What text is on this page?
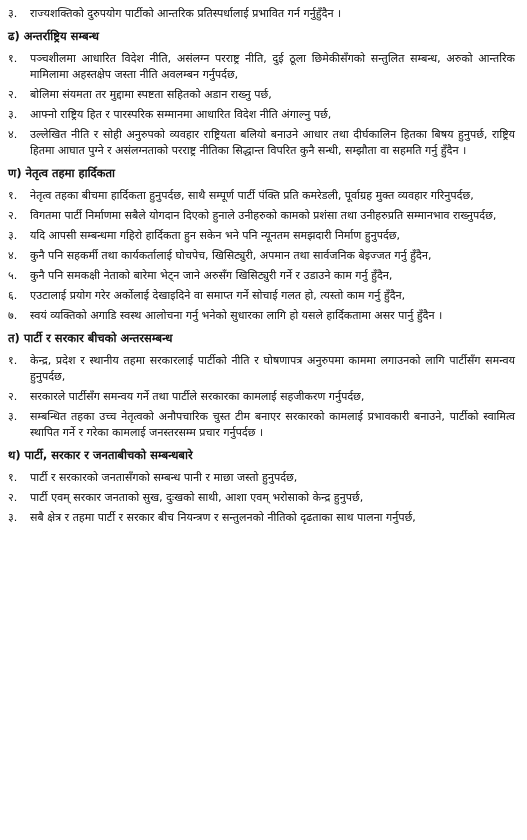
३.	राज्यशक्तिको दुरुपयोग पार्टीको आन्तरिक प्रतिस्पर्धालाई प्रभावित गर्न गर्नुहुँदैन ।
ढ) अन्तर्राष्ट्रिय सम्बन्ध
१.	पञ्चशीलमा आधारित विदेश नीति, असंलग्न परराष्ट्र नीति, दुई ठूला छिमेकीसँगको सन्तुलित सम्बन्ध, अरुको आन्तरिक मामिलामा अहस्तक्षेप जस्ता नीति अवलम्बन गर्नुपर्दछ,
२.	बोलिमा संयमता तर मुद्दामा स्पष्टता सहितको अडान राख्नु पर्छ,
३.	आफ्नो राष्ट्रिय हित र पारस्परिक सम्मानमा आधारित विदेश नीति अंगाल्नु पर्छ,
४.	उल्लेखित नीति र सोही अनुरुपको व्यवहार राष्ट्रियता बलियो बनाउने आधार तथा दीर्घकालिन हितका बिषय हुनुपर्छ, राष्ट्रिय हितमा आघात पुग्ने र असंलग्नताको परराष्ट्र नीतिका सिद्धान्त विपरित कुनै सन्धी, सम्झौता वा सहमति गर्नु हुँदैन ।
ण) नेतृत्व तहमा हार्दिकता
१.	नेतृत्व तहका बीचमा हार्दिकता हुनुपर्दछ, साथै सम्पूर्ण पार्टी पंक्ति प्रति कमरेडली, पूर्वाग्रह मुक्त व्यवहार गरिनुपर्दछ,
२.	विगतमा पार्टी निर्माणमा सबैले योगदान दिएको हुनाले उनीहरुको कामको प्रशंसा तथा उनीहरुप्रति सम्मानभाव राख्नुपर्दछ,
३.	यदि आपसी सम्बन्धमा गहिरो हार्दिकता हुन सकेन भने पनि न्यूनतम समझदारी निर्माण हुनुपर्दछ,
४.	कुनै पनि सहकर्मी तथा कार्यकर्तालाई घोचपेच, खिसिट्युरी, अपमान तथा सार्वजनिक बेइज्जत गर्नु हुँदैन,
५.	कुनै पनि समकक्षी नेताको बारेमा भेट्न जाने अरुसँग खिसिट्युरी गर्ने र उडाउने काम गर्नु हुँदैन,
६.	एउटालाई प्रयोग गरेर अर्कोलाई देखाइदिने वा समाप्त गर्ने सोचाई गलत हो, त्यस्तो काम गर्नु हुँदैन,
७.	स्वयं व्यक्तिको अगाडि स्वस्थ आलोचना गर्नु भनेको सुधारका लागि हो यसले हार्दिकतामा असर पार्नु हुँदैन ।
त) पार्टी र सरकार बीचको अन्तरसम्बन्ध
१.	केन्द्र, प्रदेश र स्थानीय तहमा सरकारलाई पार्टीको नीति र घोषणापत्र अनुरुपमा काममा लगाउनको लागि पार्टीसँग समन्वय हुनुपर्दछ,
२.	सरकारले पार्टीसँग समन्वय गर्ने तथा पार्टीले सरकारका कामलाई सहजीकरण गर्नुपर्दछ,
३.	सम्बन्धित तहका उच्च नेतृत्वको अनौपचारिक चुस्त टीम बनाएर सरकारको कामलाई प्रभावकारी बनाउने, पार्टीको स्वामित्व स्थापित गर्ने र गरेका कामलाई जनस्तरसम्म प्रचार गर्नुपर्दछ ।
थ) पार्टी, सरकार र जनताबीचको सम्बन्धबारे
१.	पार्टी र सरकारको जनतासँगको सम्बन्ध पानी र माछा जस्तो हुनुपर्दछ,
२.	पार्टी एवम् सरकार जनताको सुख, दुःखको साथी, आशा एवम् भरोसाको केन्द्र हुनुपर्छ,
३.	सबै क्षेत्र र तहमा पार्टी र सरकार बीच नियन्त्रण र सन्तुलनको नीतिको दृढताका साथ पालना गर्नुपर्छ,
